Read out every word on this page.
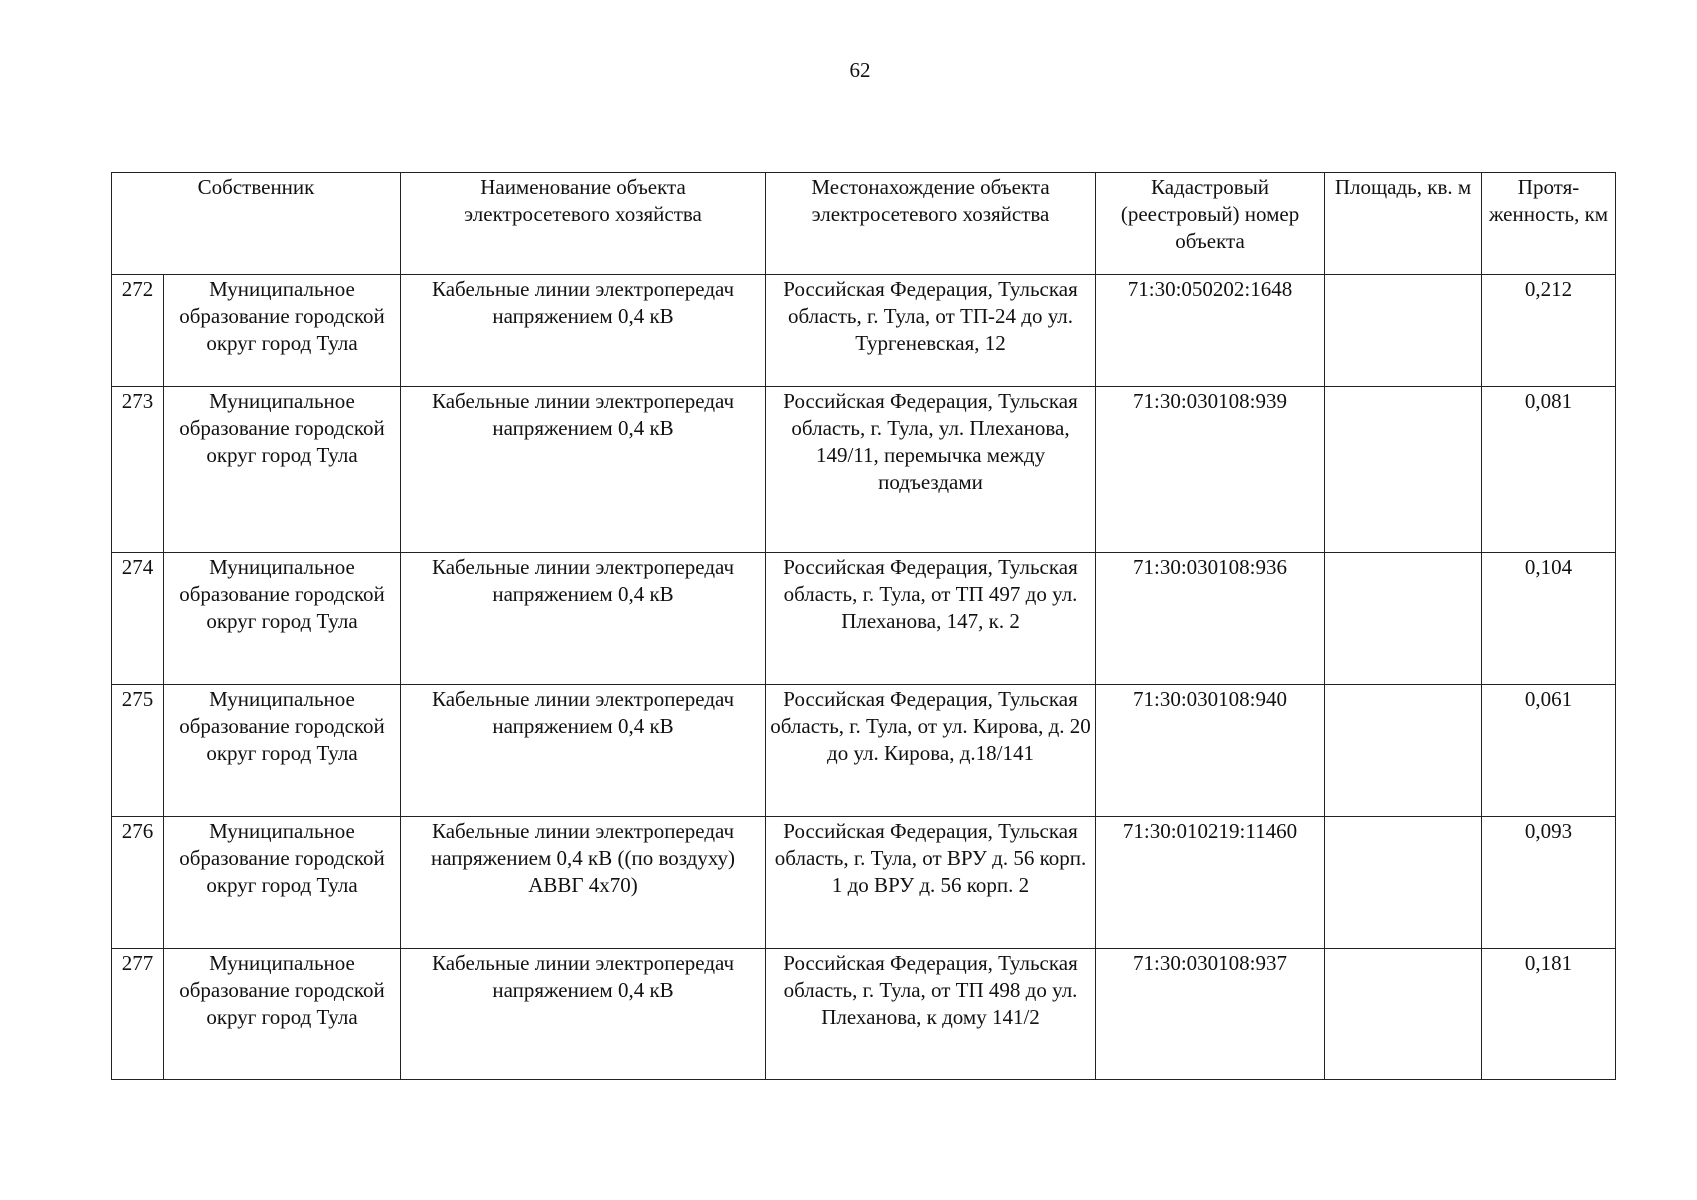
62
Собственник		Наименование объекта электросетевого хозяйства	Местонахождение объекта электросетевого хозяйства	Кадастровый (реестровый) номер объекта	Площадь, кв. м	Протя-женность, км
272	Муниципальное образование городской округ город Тула	Кабельные линии электропередач напряжением 0,4 кВ	Российская Федерация, Тульская область, г. Тула, от ТП-24 до ул. Тургеневская, 12	71:30:050202:1648		0,212
273	Муниципальное образование городской округ город Тула	Кабельные линии электропередач напряжением 0,4 кВ	Российская Федерация, Тульская область, г. Тула, ул. Плеханова, 149/11, перемычка между подъездами	71:30:030108:939		0,081
274	Муниципальное образование городской округ город Тула	Кабельные линии электропередач напряжением 0,4 кВ	Российская Федерация, Тульская область, г. Тула, от ТП 497 до ул. Плеханова, 147, к. 2	71:30:030108:936		0,104
275	Муниципальное образование городской округ город Тула	Кабельные линии электропередач напряжением 0,4 кВ	Российская Федерация, Тульская область, г. Тула, от ул. Кирова, д. 20 до ул. Кирова, д.18/141	71:30:030108:940		0,061
276	Муниципальное образование городской округ город Тула	Кабельные линии электропередач напряжением 0,4 кВ ((по воздуху) АВВГ 4х70)	Российская Федерация, Тульская область, г. Тула, от ВРУ д. 56 корп. 1 до ВРУ д. 56 корп. 2	71:30:010219:11460		0,093
277	Муниципальное образование городской округ город Тула	Кабельные линии электропередач напряжением 0,4 кВ	Российская Федерация, Тульская область, г. Тула, от ТП 498 до ул. Плеханова, к дому 141/2	71:30:030108:937		0,181
